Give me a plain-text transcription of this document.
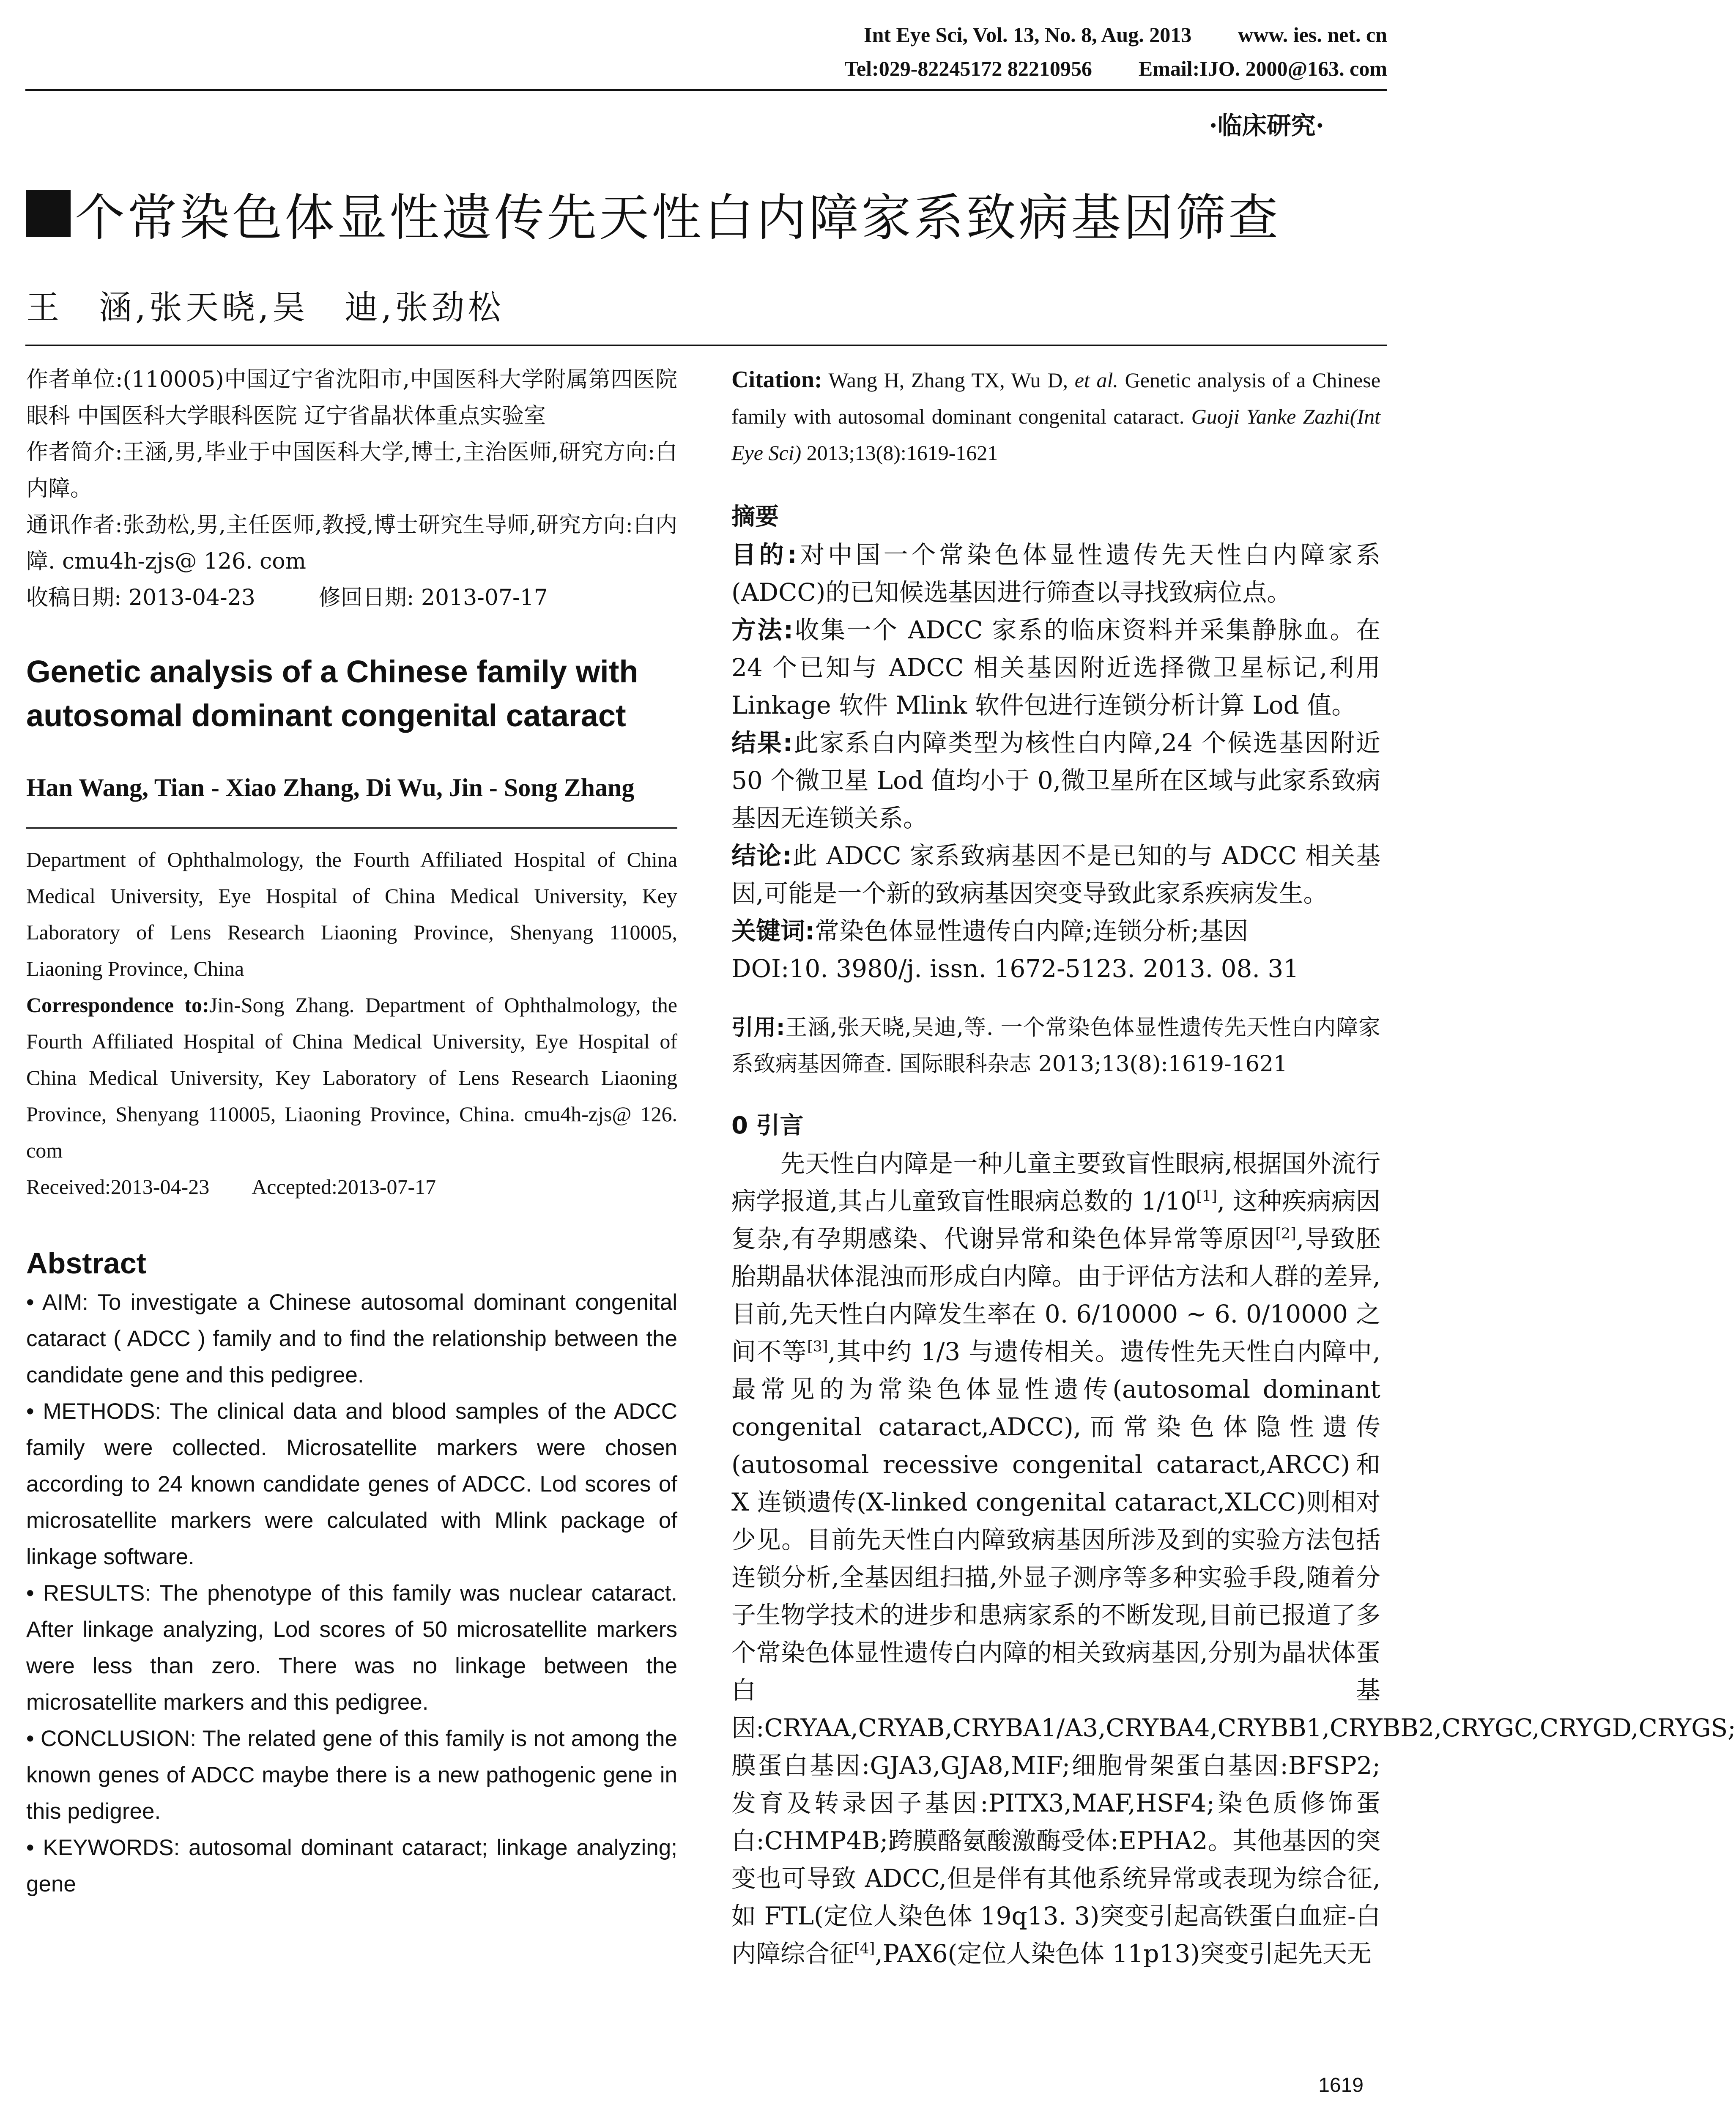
Int Eye Sci, Vol. 13, No. 8, Aug. 2013 www. ies. net. cn
Tel:029-82245172 82210956 Email:IJO. 2000@163. com
·临床研究·
个常染色体显性遗传先天性白内障家系致病基因筛查
王　涵,张天晓,吴　迪,张劲松
作者单位:(110005)中国辽宁省沈阳市,中国医科大学附属第四医院眼科 中国医科大学眼科医院 辽宁省晶状体重点实验室
作者简介:王涵,男,毕业于中国医科大学,博士,主治医师,研究方向:白内障。
通讯作者:张劲松,男,主任医师,教授,博士研究生导师,研究方向:白内障. cmu4h-zjs@ 126. com
收稿日期: 2013-04-23	修回日期: 2013-07-17
Genetic analysis of a Chinese family with autosomal dominant congenital cataract
Han Wang, Tian - Xiao Zhang, Di Wu, Jin - Song Zhang
Department of Ophthalmology, the Fourth Affiliated Hospital of China Medical University, Eye Hospital of China Medical University, Key Laboratory of Lens Research Liaoning Province, Shenyang 110005, Liaoning Province, China
Correspondence to:Jin-Song Zhang. Department of Ophthalmology, the Fourth Affiliated Hospital of China Medical University, Eye Hospital of China Medical University, Key Laboratory of Lens Research Liaoning Province, Shenyang 110005, Liaoning Province, China. cmu4h-zjs@ 126. com
Received:2013-04-23 Accepted:2013-07-17
Abstract
• AIM: To investigate a Chinese autosomal dominant congenital cataract ( ADCC ) family and to find the relationship between the candidate gene and this pedigree.
• METHODS: The clinical data and blood samples of the ADCC family were collected. Microsatellite markers were chosen according to 24 known candidate genes of ADCC. Lod scores of microsatellite markers were calculated with Mlink package of linkage software.
• RESULTS: The phenotype of this family was nuclear cataract. After linkage analyzing, Lod scores of 50 microsatellite markers were less than zero. There was no linkage between the microsatellite markers and this pedigree.
• CONCLUSION: The related gene of this family is not among the known genes of ADCC maybe there is a new pathogenic gene in this pedigree.
• KEYWORDS: autosomal dominant cataract; linkage analyzing; gene
Citation: Wang H, Zhang TX, Wu D, et al. Genetic analysis of a Chinese family with autosomal dominant congenital cataract. Guoji Yanke Zazhi(Int Eye Sci) 2013;13(8):1619-1621
摘要
目的:对中国一个常染色体显性遗传先天性白内障家系(ADCC)的已知候选基因进行筛查以寻找致病位点。
方法:收集一个 ADCC 家系的临床资料并采集静脉血。在 24 个已知与 ADCC 相关基因附近选择微卫星标记,利用 Linkage 软件 Mlink 软件包进行连锁分析计算 Lod 值。
结果:此家系白内障类型为核性白内障,24 个候选基因附近 50 个微卫星 Lod 值均小于 0,微卫星所在区域与此家系致病基因无连锁关系。
结论:此 ADCC 家系致病基因不是已知的与 ADCC 相关基因,可能是一个新的致病基因突变导致此家系疾病发生。
关键词:常染色体显性遗传白内障;连锁分析;基因
DOI:10. 3980/j. issn. 1672-5123. 2013. 08. 31
引用:王涵,张天晓,吴迪,等. 一个常染色体显性遗传先天性白内障家系致病基因筛查. 国际眼科杂志 2013;13(8):1619-1621
0 引言
先天性白内障是一种儿童主要致盲性眼病,根据国外流行病学报道,其占儿童致盲性眼病总数的 1/10[1], 这种疾病病因复杂,有孕期感染、代谢异常和染色体异常等原因[2],导致胚胎期晶状体混浊而形成白内障。由于评估方法和人群的差异,目前,先天性白内障发生率在 0. 6/10000 ~ 6. 0/10000 之间不等[3],其中约 1/3 与遗传相关。遗传性先天性白内障中,最常见的为常染色体显性遗传(autosomal dominant congenital cataract,ADCC),而常染色体隐性遗传(autosomal recessive congenital cataract,ARCC)和 X 连锁遗传(X-linked congenital cataract,XLCC)则相对少见。目前先天性白内障致病基因所涉及到的实验方法包括连锁分析,全基因组扫描,外显子测序等多种实验手段,随着分子生物学技术的进步和患病家系的不断发现,目前已报道了多个常染色体显性遗传白内障的相关致病基因,分别为晶状体蛋白基因:CRYAA,CRYAB,CRYBA1/A3,CRYBA4,CRYBB1,CRYBB2,CRYGC,CRYGD,CRYGS;膜蛋白基因:GJA3,GJA8,MIF;细胞骨架蛋白基因:BFSP2;发育及转录因子基因:PITX3,MAF,HSF4;染色质修饰蛋白:CHMP4B;跨膜酪氨酸激酶受体:EPHA2。其他基因的突变也可导致 ADCC,但是伴有其他系统异常或表现为综合征,如 FTL(定位人染色体 19q13. 3)突变引起高铁蛋白血症-白内障综合征[4],PAX6(定位人染色体 11p13)突变引起先天无
1619
